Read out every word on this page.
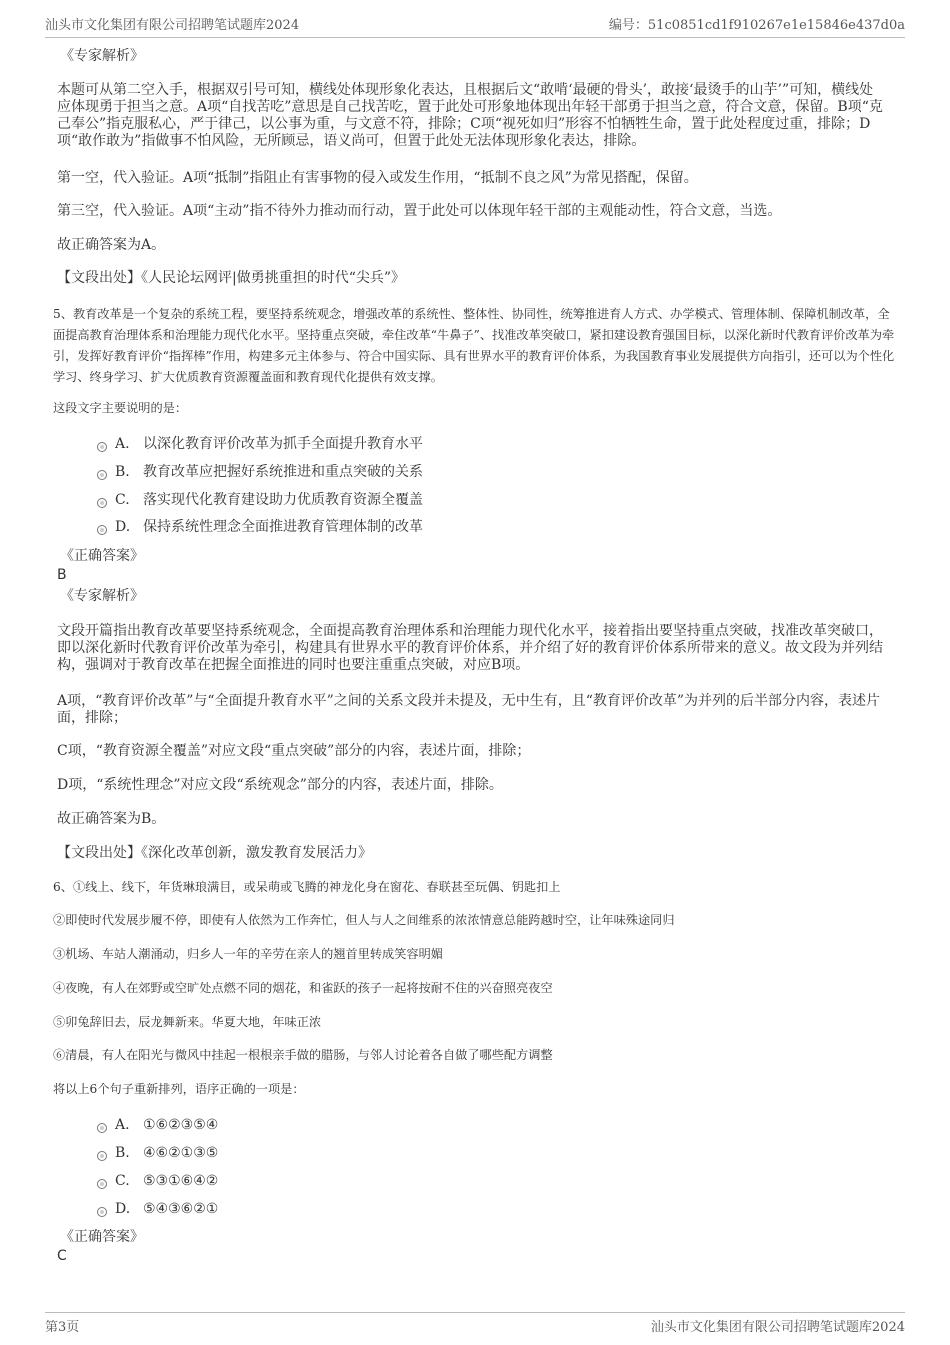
汕头市文化集团有限公司招聘笔试题库2024	编号：51c0851cd1f910267e1e15846e437d0a
《专家解析》
本题可从第二空入手，根据双引号可知，横线处体现形象化表达，且根据后文“敢啃‘最硬的骨头’，敢接‘最烫手的山芋’”可知，横线处应体现勇于担当之意。A项“自找苦吃”意思是自己找苦吃，置于此处可形象地体现出年轻干部勇于担当之意，符合文意，保留。B项“克己奉公”指克服私心，严于律己，以公事为重，与文意不符，排除；C项“视死如归”形容不怕牺牲生命，置于此处程度过重，排除；D项“敢作敢为”指做事不怕风险，无所顾忌，语义尚可，但置于此处无法体现形象化表达，排除。
第一空，代入验证。A项“抵制”指阻止有害事物的侵入或发生作用，“抵制不良之风”为常见搭配，保留。
第三空，代入验证。A项“主动”指不待外力推动而行动，置于此处可以体现年轻干部的主观能动性，符合文意，当选。
故正确答案为A。
【文段出处】《人民论坛网评|做勇挑重担的时代“尖兵”》
5、教育改革是一个复杂的系统工程，要坚持系统观念，增强改革的系统性、整体性、协同性，统筹推进育人方式、办学模式、管理体制、保障机制改革，全面提高教育治理体系和治理能力现代化水平。坚持重点突破，牵住改革“牛鼻子”、找准改革突破口，紧扣建设教育强国目标，以深化新时代教育评价改革为牵引，发挥好教育评价“指挥棒”作用，构建多元主体参与、符合中国实际、具有世界水平的教育评价体系，为我国教育事业发展提供方向指引，还可以为个性化学习、终身学习、扩大优质教育资源覆盖面和教育现代化提供有效支撑。
这段文字主要说明的是：
A. 以深化教育评价改革为抓手全面提升教育水平
B. 教育改革应把握好系统推进和重点突破的关系
C. 落实现代化教育建设助力优质教育资源全覆盖
D. 保持系统性理念全面推进教育管理体制的改革
《正确答案》
B
《专家解析》
文段开篇指出教育改革要坚持系统观念，全面提高教育治理体系和治理能力现代化水平，接着指出要坚持重点突破，找准改革突破口，即以深化新时代教育评价改革为牵引，构建具有世界水平的教育评价体系，并介绍了好的教育评价体系所带来的意义。故文段为并列结构，强调对于教育改革在把握全面推进的同时也要注重重点突破，对应B项。
A项，“教育评价改革”与“全面提升教育水平”之间的关系文段并未提及，无中生有，且“教育评价改革”为并列的后半部分内容，表述片面，排除；
C项，“教育资源全覆盖”对应文段“重点突破”部分的内容，表述片面，排除；
D项，“系统性理念”对应文段“系统观念”部分的内容，表述片面，排除。
故正确答案为B。
【文段出处】《深化改革创新，激发教育发展活力》
6、①线上、线下，年货琳琅满目，或呆萌或飞腾的神龙化身在窗花、春联甚至玩偶、钥匙扣上
②即使时代发展步履不停，即使有人依然为工作奔忙，但人与人之间维系的浓浓情意总能跨越时空，让年味殊途同归
③机场、车站人潮涌动，归乡人一年的辛劳在亲人的翘首里转成笑容明媚
④夜晚，有人在郊野或空旷处点燃不同的烟花，和雀跃的孩子一起将按耐不住的兴奋照亮夜空
⑤卯兔辞旧去，辰龙舞新来。华夏大地，年味正浓
⑥清晨，有人在阳光与微风中挂起一根根亲手做的腊肠，与邻人讨论着各自做了哪些配方调整
将以上6个句子重新排列，语序正确的一项是：
A. ①⑥②③⑤④
B. ④⑥②①③⑤
C. ⑤③①⑥④②
D. ⑤④③⑥②①
《正确答案》
C
第3页	汕头市文化集团有限公司招聘笔试题库2024
